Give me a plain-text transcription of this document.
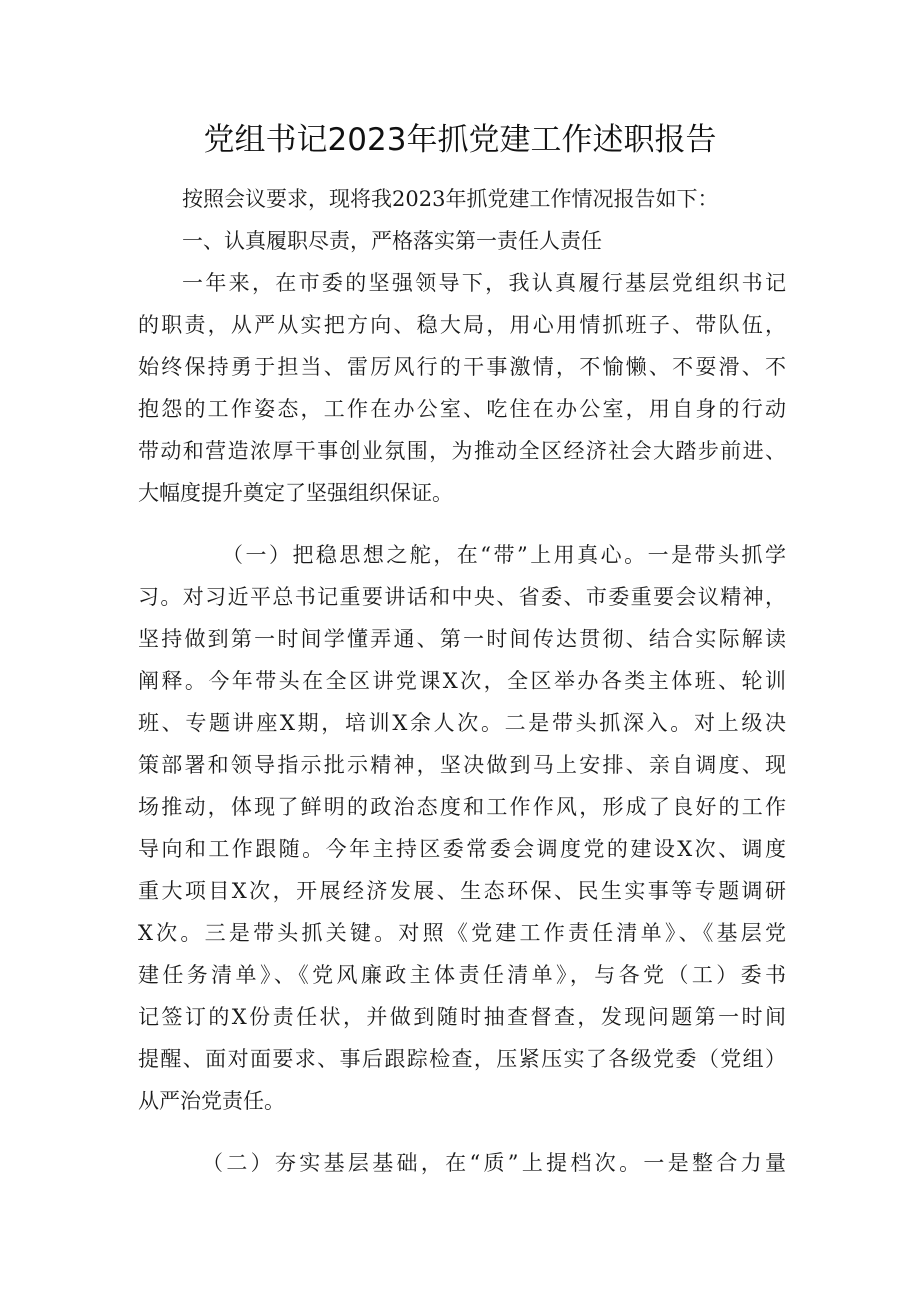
党组书记2023年抓党建工作述职报告
按照会议要求，现将我2023年抓党建工作情况报告如下：
一、认真履职尽责，严格落实第一责任人责任
一年来，在市委的坚强领导下，我认真履行基层党组织书记
的职责，从严从实把方向、稳大局，用心用情抓班子、带队伍，
始终保持勇于担当、雷厉风行的干事激情，不愉懒、不耍滑、不
抱怨的工作姿态，工作在办公室、吃住在办公室，用自身的行动
带动和营造浓厚干事创业氛围，为推动全区经济社会大踏步前进、
大幅度提升奠定了坚强组织保证。
（一）把稳思想之舵，在“带”上用真心。一是带头抓学
习。对习近平总书记重要讲话和中央、省委、市委重要会议精神，
坚持做到第一时间学懂弄通、第一时间传达贯彻、结合实际解读
阐释。今年带头在全区讲党课X次，全区举办各类主体班、轮训
班、专题讲座X期，培训X余人次。二是带头抓深入。对上级决
策部署和领导指示批示精神，坚决做到马上安排、亲自调度、现
场推动，体现了鲜明的政治态度和工作作风，形成了良好的工作
导向和工作跟随。今年主持区委常委会调度党的建设X次、调度
重大项目X次，开展经济发展、生态环保、民生实事等专题调研
X次。三是带头抓关键。对照《党建工作责任清单》、《基层党
建任务清单》、《党风廉政主体责任清单》，与各党（工）委书
记签订的X份责任状，并做到随时抽查督查，发现问题第一时间
提醒、面对面要求、事后跟踪检查，压紧压实了各级党委（党组）
从严治党责任。
（二）夯实基层基础，在“质”上提档次。一是整合力量
